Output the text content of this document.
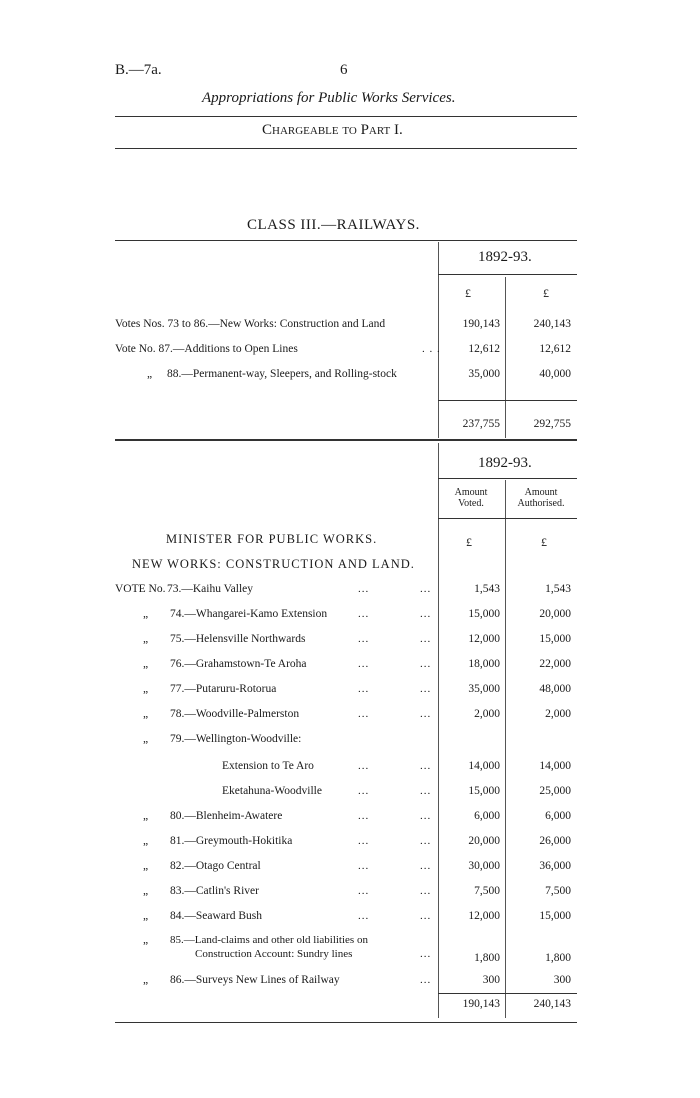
B.—7a.	6
Appropriations for Public Works Services.
Chargeable to Part I.
CLASS III.—RAILWAYS.
1892-93.
£	£
Votes Nos. 73 to 86.—New Works: Construction and Land	190,143	240,143
Vote No. 87.—Additions to Open Lines	. . .	12,612	12,612
„ 88.—Permanent-way, Sleepers, and Rolling-stock	35,000	40,000
237,755	292,755
1892-93.
Amount Voted.
Amount Authorised.
MINISTER FOR PUBLIC WORKS.	£	£
NEW WORKS: CONSTRUCTION AND LAND.
VOTE No. 73.—Kaihu Valley	...	...	1,543	1,543
„ 74.—Whangarei-Kamo Extension	...	...	15,000	20,000
„ 75.—Helensville Northwards	...	...	12,000	15,000
„ 76.—Grahamstown-Te Aroha	...	...	18,000	22,000
„ 77.—Putaruru-Rotorua	...	...	35,000	48,000
„ 78.—Woodville-Palmerston	...	...	2,000	2,000
„ 79.—Wellington-Woodville:
Extension to Te Aro	...	...	14,000	14,000
Eketahuna-Woodville	...	...	15,000	25,000
„ 80.—Blenheim-Awatere	...	...	6,000	6,000
„ 81.—Greymouth-Hokitika	...	...	20,000	26,000
„ 82.—Otago Central	...	...	30,000	36,000
„ 83.—Catlin's River	...	...	7,500	7,500
„ 84.—Seaward Bush	...	...	12,000	15,000
„ 85.—Land-claims and other old liabilities on
Construction Account: Sundry lines	...	1,800	1,800
„ 86.—Surveys New Lines of Railway	...	300	300
190,143	240,143
